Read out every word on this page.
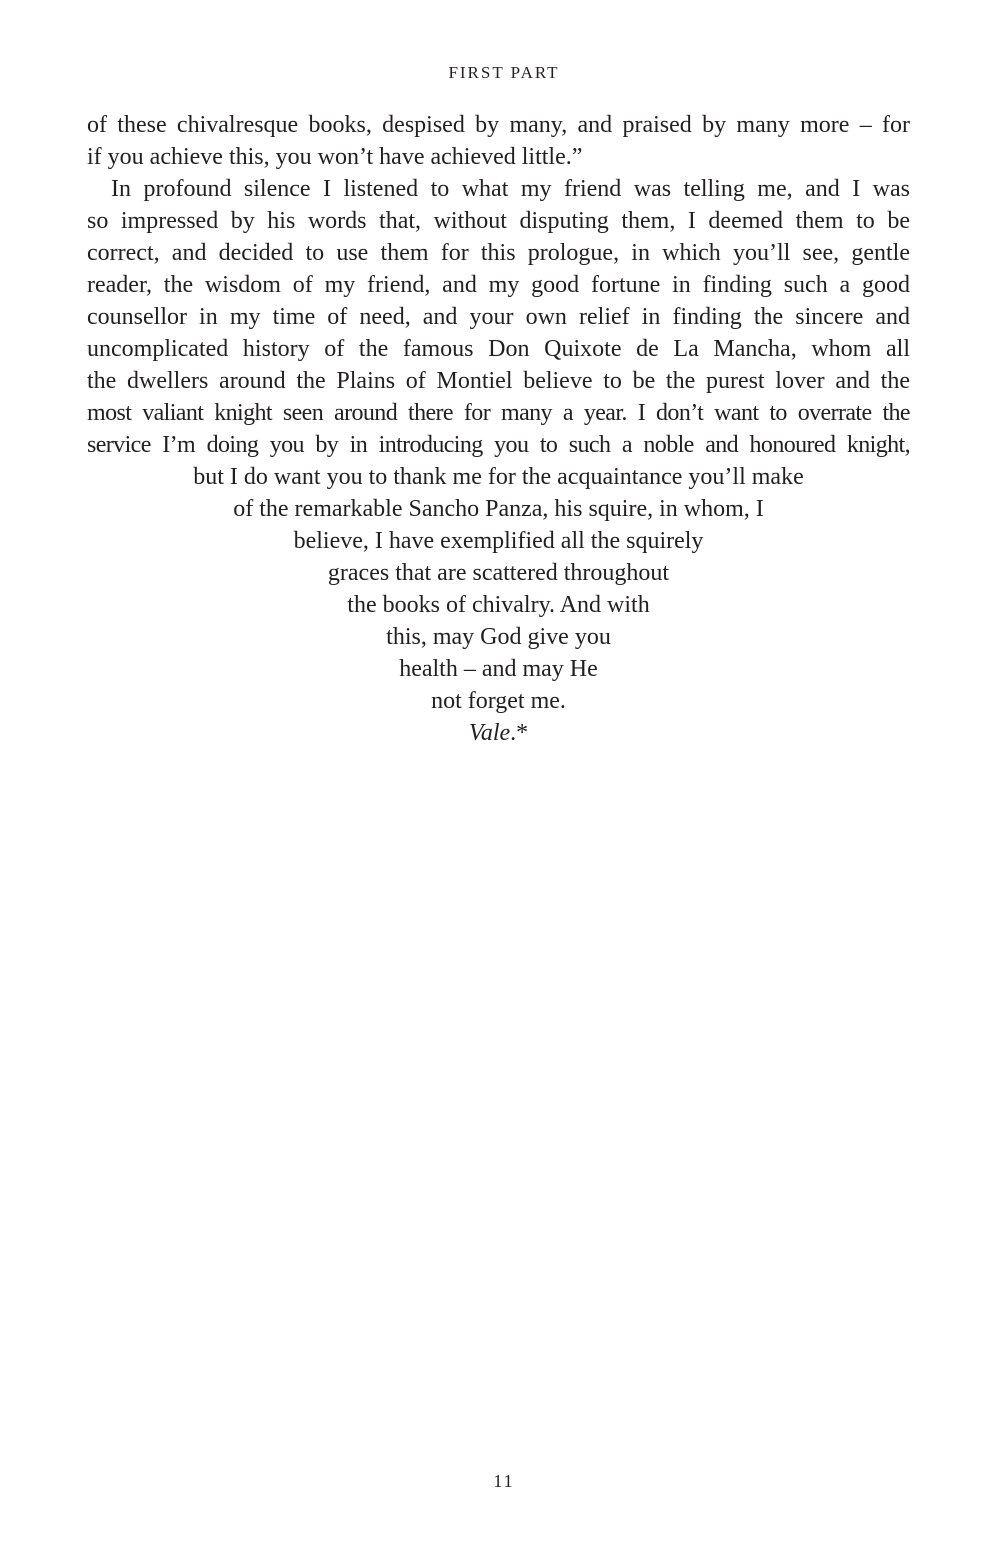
FIRST PART
of these chivalresque books, despised by many, and praised by many more – for
if you achieve this, you won’t have achieved little.”
In profound silence I listened to what my friend was telling me, and I was
so impressed by his words that, without disputing them, I deemed them to be
correct, and decided to use them for this prologue, in which you’ll see, gentle
reader, the wisdom of my friend, and my good fortune in finding such a good
counsellor in my time of need, and your own relief in finding the sincere and
uncomplicated history of the famous Don Quixote de La Mancha, whom all
the dwellers around the Plains of Montiel believe to be the purest lover and the
most valiant knight seen around there for many a year. I don’t want to overrate the
service I’m doing you by in introducing you to such a noble and honoured knight,
but I do want you to thank me for the acquaintance you’ll make
of the remarkable Sancho Panza, his squire, in whom, I
believe, I have exemplified all the squirely
graces that are scattered throughout
the books of chivalry. And with
this, may God give you
health – and may He
not forget me.
Vale.*
11
